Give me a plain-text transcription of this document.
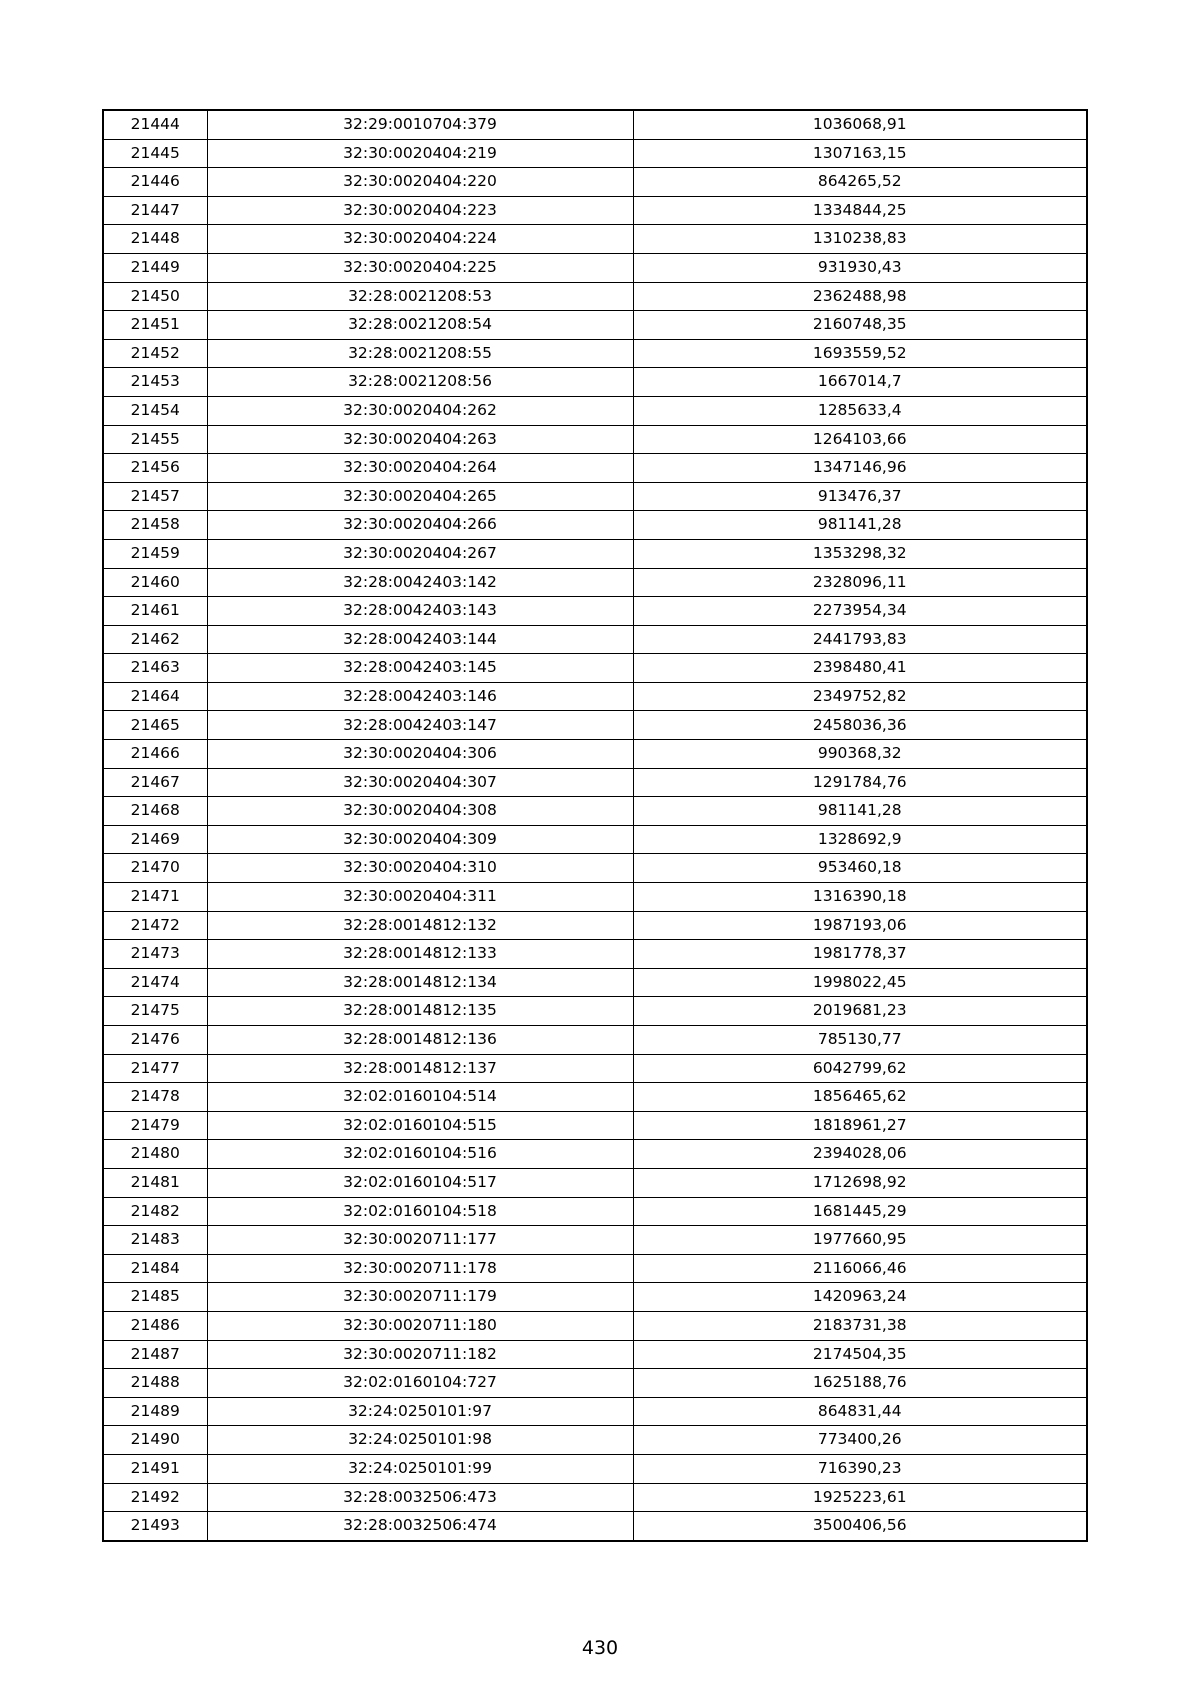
21444	32:29:0010704:379	1036068,91
21445	32:30:0020404:219	1307163,15
21446	32:30:0020404:220	864265,52
21447	32:30:0020404:223	1334844,25
21448	32:30:0020404:224	1310238,83
21449	32:30:0020404:225	931930,43
21450	32:28:0021208:53	2362488,98
21451	32:28:0021208:54	2160748,35
21452	32:28:0021208:55	1693559,52
21453	32:28:0021208:56	1667014,7
21454	32:30:0020404:262	1285633,4
21455	32:30:0020404:263	1264103,66
21456	32:30:0020404:264	1347146,96
21457	32:30:0020404:265	913476,37
21458	32:30:0020404:266	981141,28
21459	32:30:0020404:267	1353298,32
21460	32:28:0042403:142	2328096,11
21461	32:28:0042403:143	2273954,34
21462	32:28:0042403:144	2441793,83
21463	32:28:0042403:145	2398480,41
21464	32:28:0042403:146	2349752,82
21465	32:28:0042403:147	2458036,36
21466	32:30:0020404:306	990368,32
21467	32:30:0020404:307	1291784,76
21468	32:30:0020404:308	981141,28
21469	32:30:0020404:309	1328692,9
21470	32:30:0020404:310	953460,18
21471	32:30:0020404:311	1316390,18
21472	32:28:0014812:132	1987193,06
21473	32:28:0014812:133	1981778,37
21474	32:28:0014812:134	1998022,45
21475	32:28:0014812:135	2019681,23
21476	32:28:0014812:136	785130,77
21477	32:28:0014812:137	6042799,62
21478	32:02:0160104:514	1856465,62
21479	32:02:0160104:515	1818961,27
21480	32:02:0160104:516	2394028,06
21481	32:02:0160104:517	1712698,92
21482	32:02:0160104:518	1681445,29
21483	32:30:0020711:177	1977660,95
21484	32:30:0020711:178	2116066,46
21485	32:30:0020711:179	1420963,24
21486	32:30:0020711:180	2183731,38
21487	32:30:0020711:182	2174504,35
21488	32:02:0160104:727	1625188,76
21489	32:24:0250101:97	864831,44
21490	32:24:0250101:98	773400,26
21491	32:24:0250101:99	716390,23
21492	32:28:0032506:473	1925223,61
21493	32:28:0032506:474	3500406,56
430
